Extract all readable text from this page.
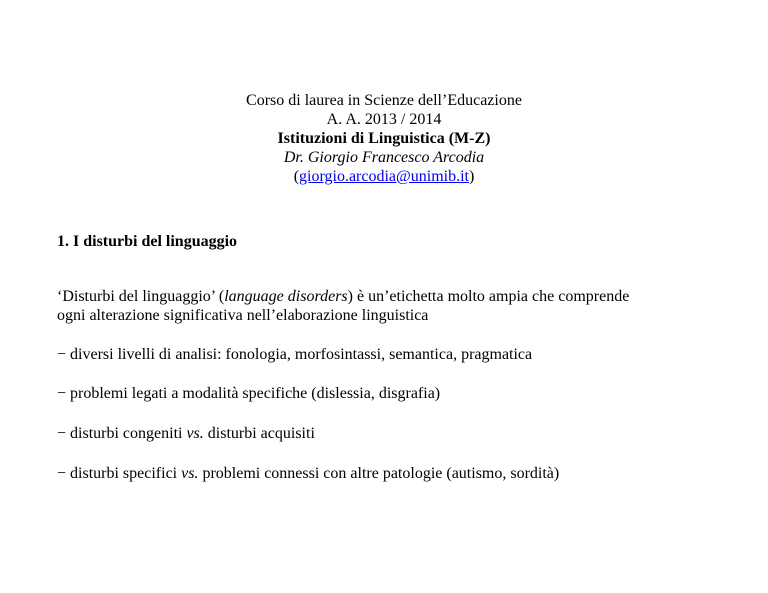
Corso di laurea in Scienze dell’Educazione
A. A. 2013 / 2014
Istituzioni di Linguistica (M-Z)
Dr. Giorgio Francesco Arcodia
(giorgio.arcodia@unimib.it)
1. I disturbi del linguaggio
‘Disturbi del linguaggio’ (language disorders) è un’etichetta molto ampia che comprende
ogni alterazione significativa nell’elaborazione linguistica
− diversi livelli di analisi: fonologia, morfosintassi, semantica, pragmatica
− problemi legati a modalità specifiche (dislessia, disgrafia)
− disturbi congeniti vs. disturbi acquisiti
− disturbi specifici vs. problemi connessi con altre patologie (autismo, sordità)
